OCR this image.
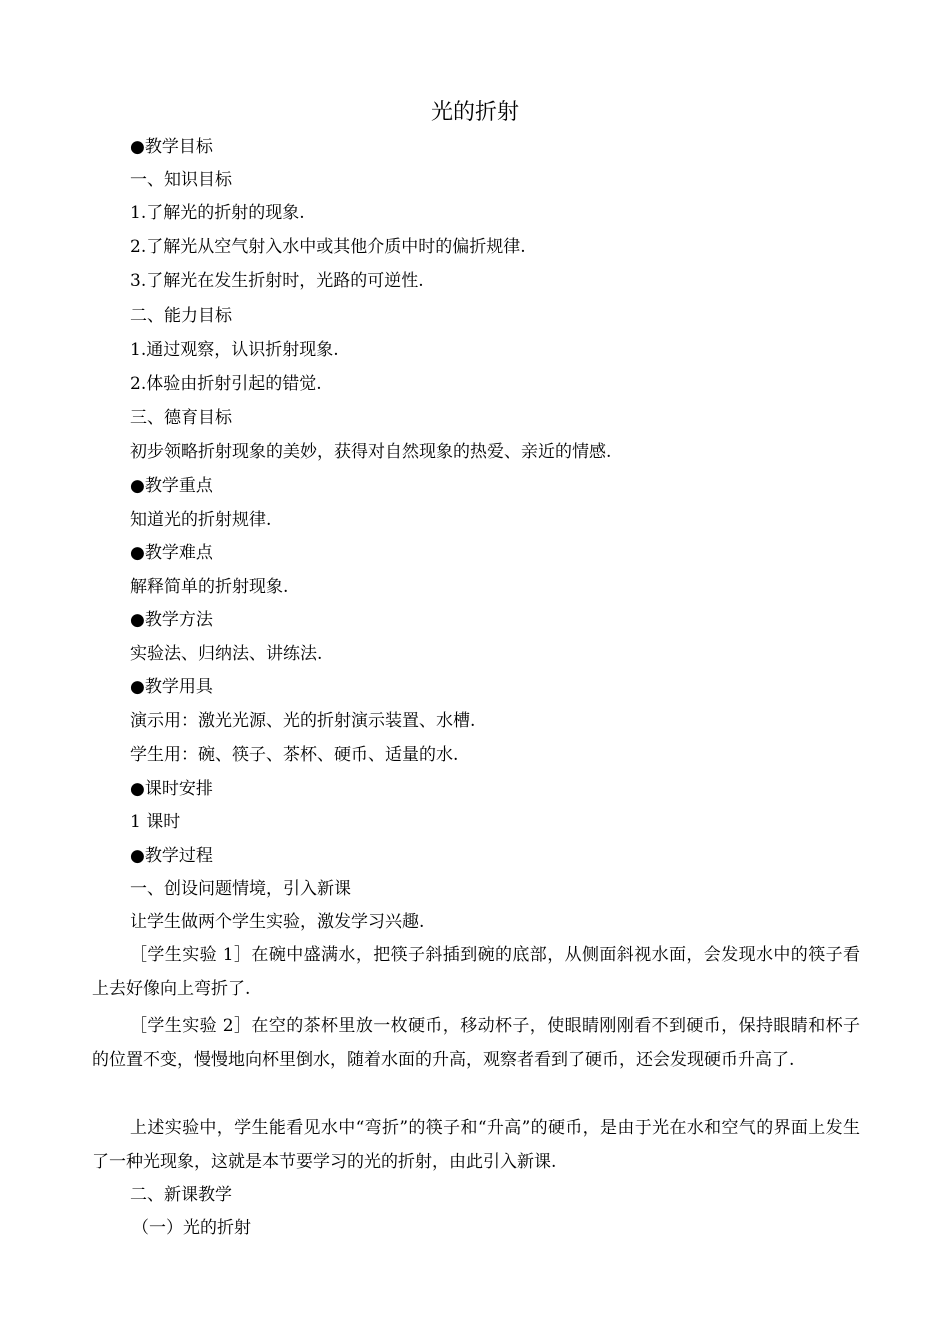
光的折射
●教学目标
一、知识目标
1.了解光的折射的现象.
2.了解光从空气射入水中或其他介质中时的偏折规律.
3.了解光在发生折射时，光路的可逆性.
二、能力目标
1.通过观察，认识折射现象.
2.体验由折射引起的错觉.
三、德育目标
初步领略折射现象的美妙，获得对自然现象的热爱、亲近的情感.
●教学重点
知道光的折射规律.
●教学难点
解释简单的折射现象.
●教学方法
实验法、归纳法、讲练法.
●教学用具
演示用：激光光源、光的折射演示装置、水槽.
学生用：碗、筷子、茶杯、硬币、适量的水.
●课时安排
1 课时
●教学过程
一、创设问题情境，引入新课
让学生做两个学生实验，激发学习兴趣.
［学生实验 1］在碗中盛满水，把筷子斜插到碗的底部，从侧面斜视水面，会发现水中的筷子看上去好像向上弯折了.
［学生实验 2］在空的茶杯里放一枚硬币，移动杯子，使眼睛刚刚看不到硬币，保持眼睛和杯子的位置不变，慢慢地向杯里倒水，随着水面的升高，观察者看到了硬币，还会发现硬币升高了.
上述实验中，学生能看见水中“弯折”的筷子和“升高”的硬币，是由于光在水和空气的界面上发生了一种光现象，这就是本节要学习的光的折射，由此引入新课.
二、新课教学
（一）光的折射
